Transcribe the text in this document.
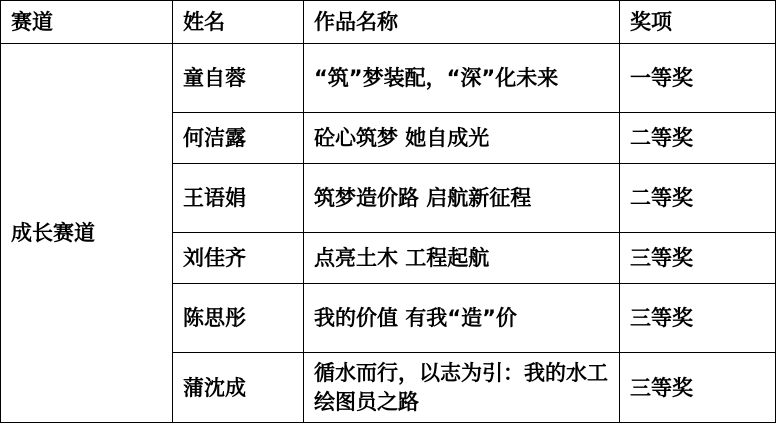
赛道	姓名	作品名称	奖项
成长赛道	童自蓉	“筑”梦装配，“深”化未来	一等奖
	何洁露	砼心筑梦 她自成光	二等奖
	王语娟	筑梦造价路 启航新征程	二等奖
	刘佳齐	点亮土木 工程起航	三等奖
	陈思彤	我的价值 有我“造”价	三等奖
	蒲沈成	循水而行，以志为引：我的水工绘图员之路	三等奖
